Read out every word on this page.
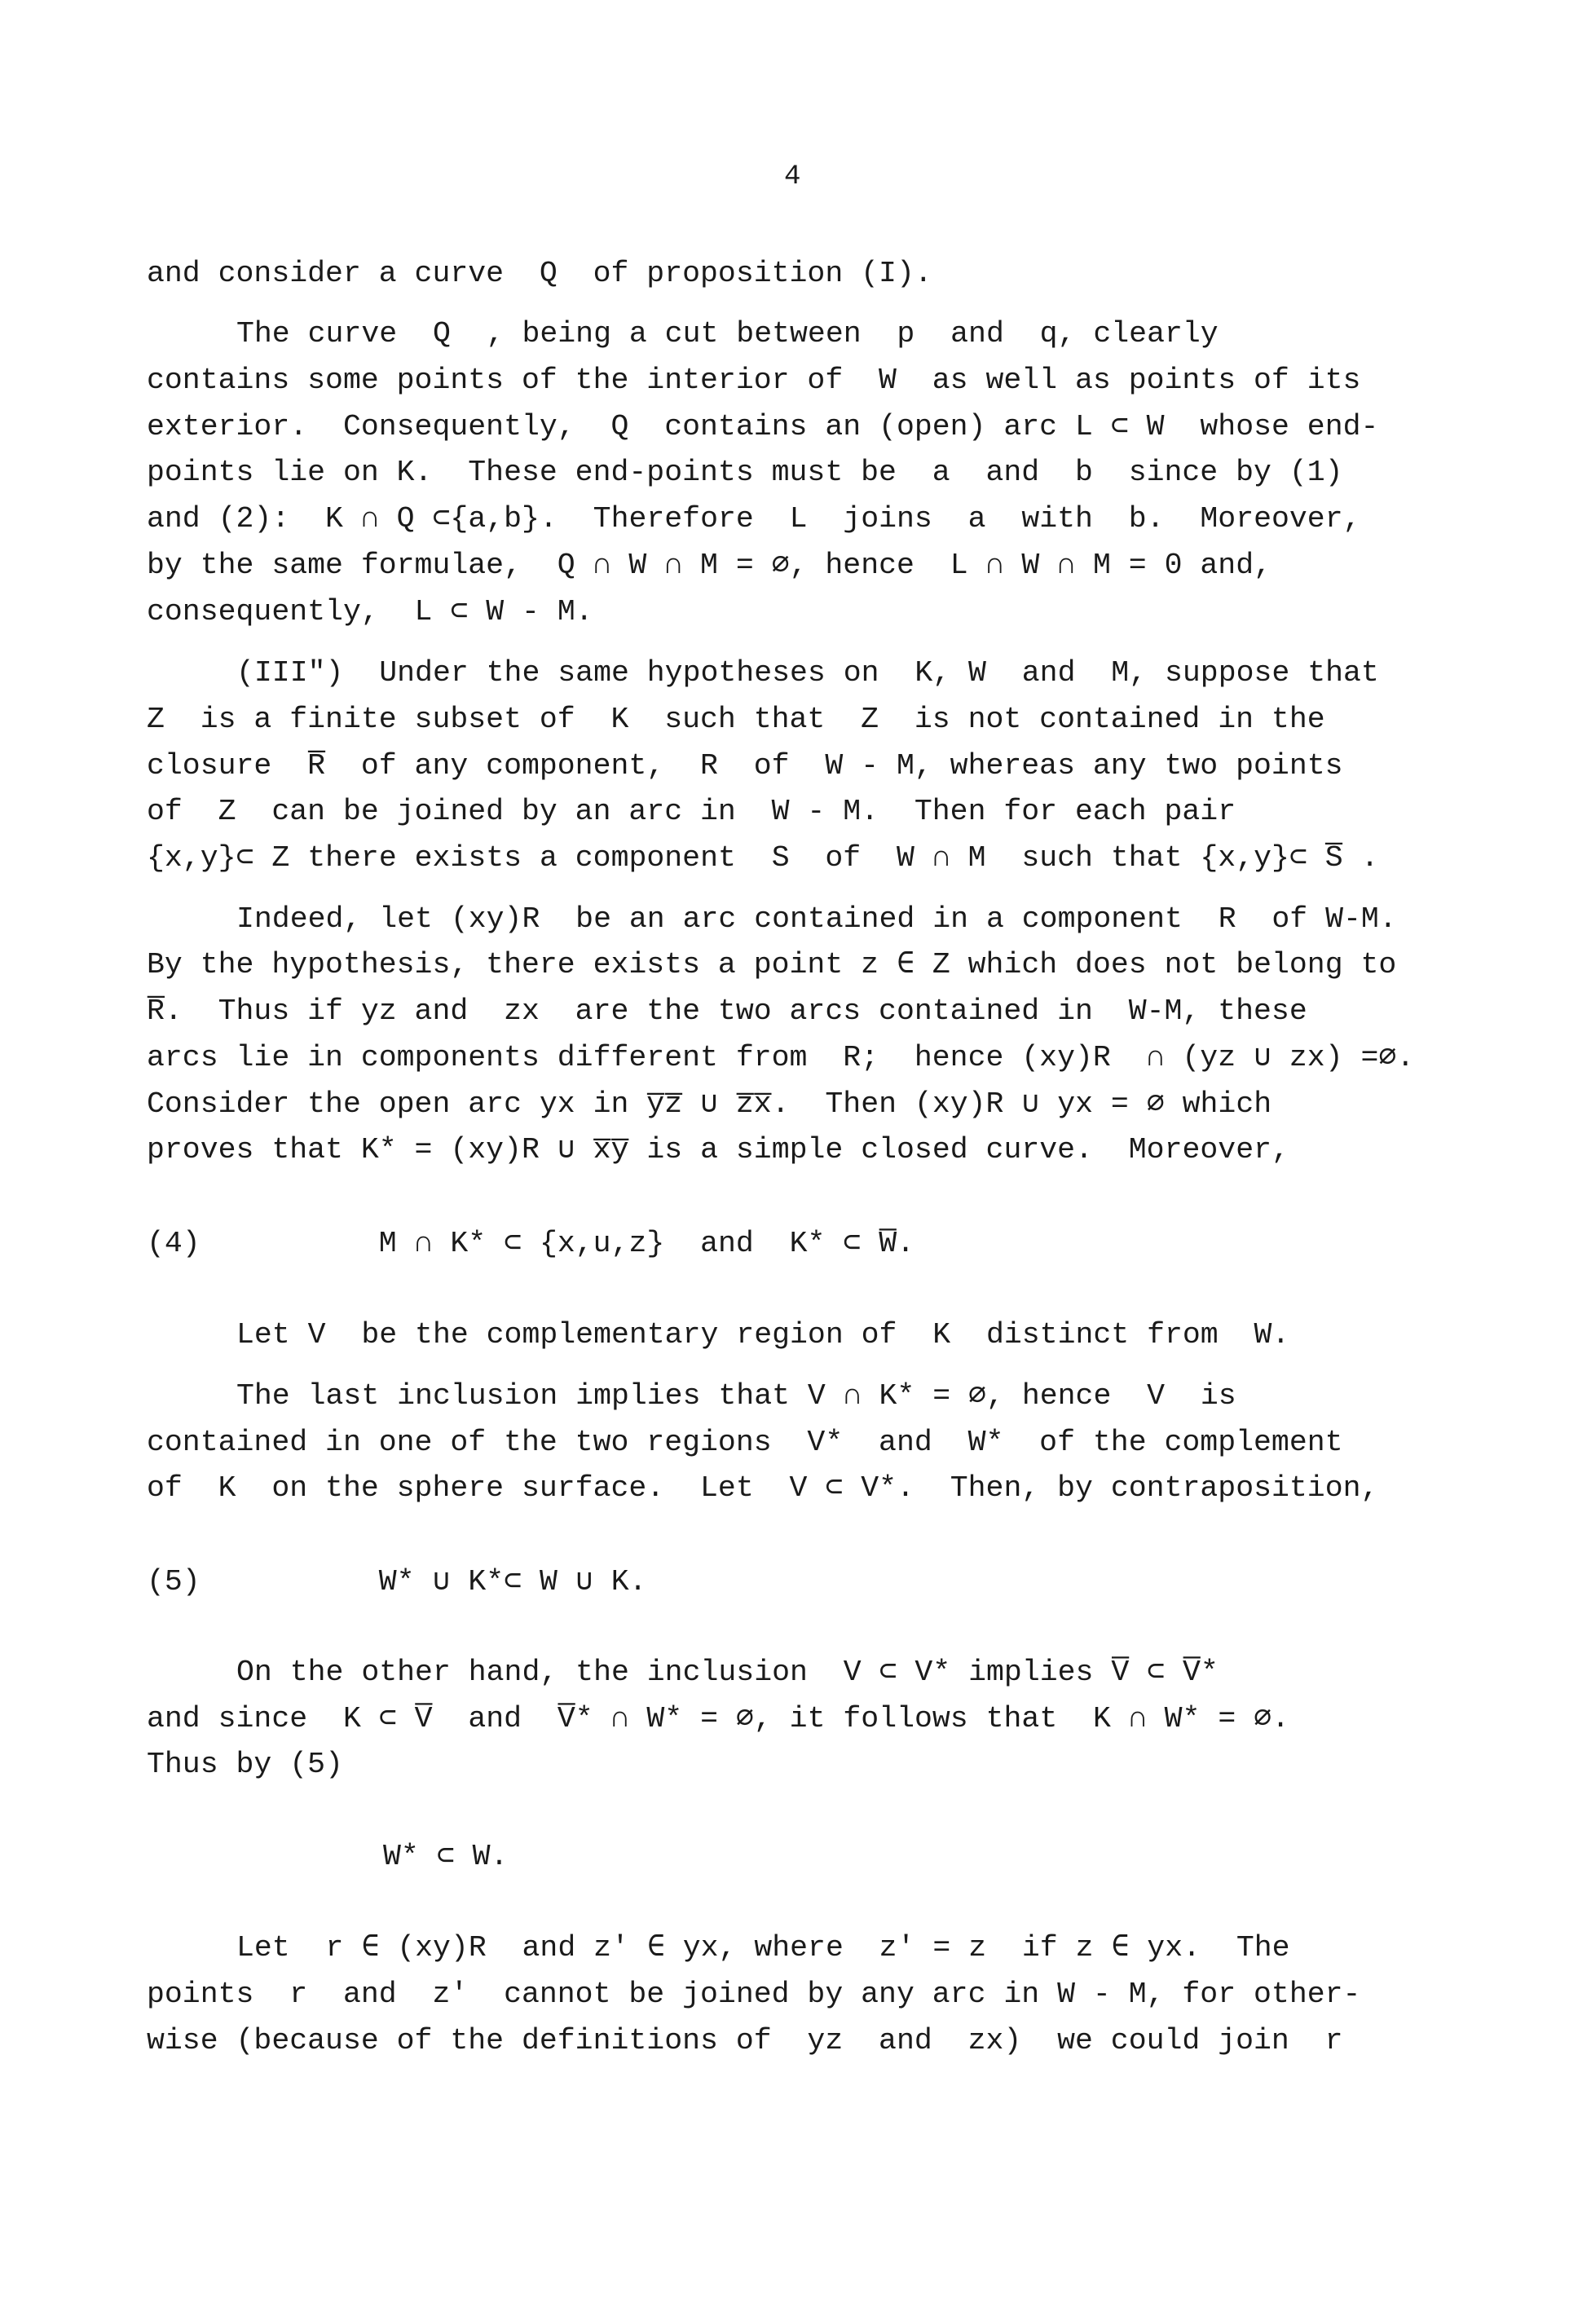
4
and consider a curve  Q  of proposition (I).
The curve  Q  , being a cut between  p  and  q, clearly
contains some points of the interior of  W  as well as points of its
exterior.  Consequently,  Q  contains an (open) arc L ⊂ W  whose end-
points lie on K.  These end-points must be  a  and  b  since by (1)
and (2):  K ∩ Q ⊂{a,b}.  Therefore  L  joins  a  with  b.  Moreover,
by the same formulae,  Q ∩ W ∩ M = ∅, hence  L ∩ W ∩ M = 0 and,
consequently,  L ⊂ W - M.
(III")  Under the same hypotheses on  K, W  and  M, suppose that
Z  is a finite subset of  K  such that  Z  is not contained in the
closure  R̅  of any component,  R  of  W - M, whereas any two points
of  Z  can be joined by an arc in  W - M.  Then for each pair
{x,y}⊂ Z there exists a component  S  of  W ∩ M  such that {x,y}⊂ S̅ .
Indeed, let (xy)R  be an arc contained in a component  R  of W-M.
By the hypothesis, there exists a point z ∈ Z which does not belong to
R̅.  Thus if yz and  zx  are the two arcs contained in  W-M, these
arcs lie in components different from  R;  hence (xy)R  ∩ (yz ∪ zx) =∅.
Consider the open arc yx in y̅z̅ ∪ z̅x̅.  Then (xy)R ∪ yx = ∅ which
proves that K* = (xy)R ∪ x̅y̅ is a simple closed curve.  Moreover,
(4)          M ∩ K* ⊂ {x,u,z}  and  K* ⊂ W̅.
Let V  be the complementary region of  K  distinct from  W.
The last inclusion implies that V ∩ K* = ∅, hence  V  is
contained in one of the two regions  V*  and  W*  of the complement
of  K  on the sphere surface.  Let  V ⊂ V*.  Then, by contraposition,
(5)          W* ∪ K*⊂ W ∪ K.
On the other hand, the inclusion  V ⊂ V* implies V̅ ⊂ V̅*
and since  K ⊂ V̅  and  V̅* ∩ W* = ∅, it follows that  K ∩ W* = ∅.
Thus by (5)
W* ⊂ W.
Let  r ∈ (xy)R  and z' ∈ yx, where  z' = z  if z ∈ yx.  The
points  r  and  z'  cannot be joined by any arc in W - M, for other-
wise (because of the definitions of  yz  and  zx)  we could join  r
